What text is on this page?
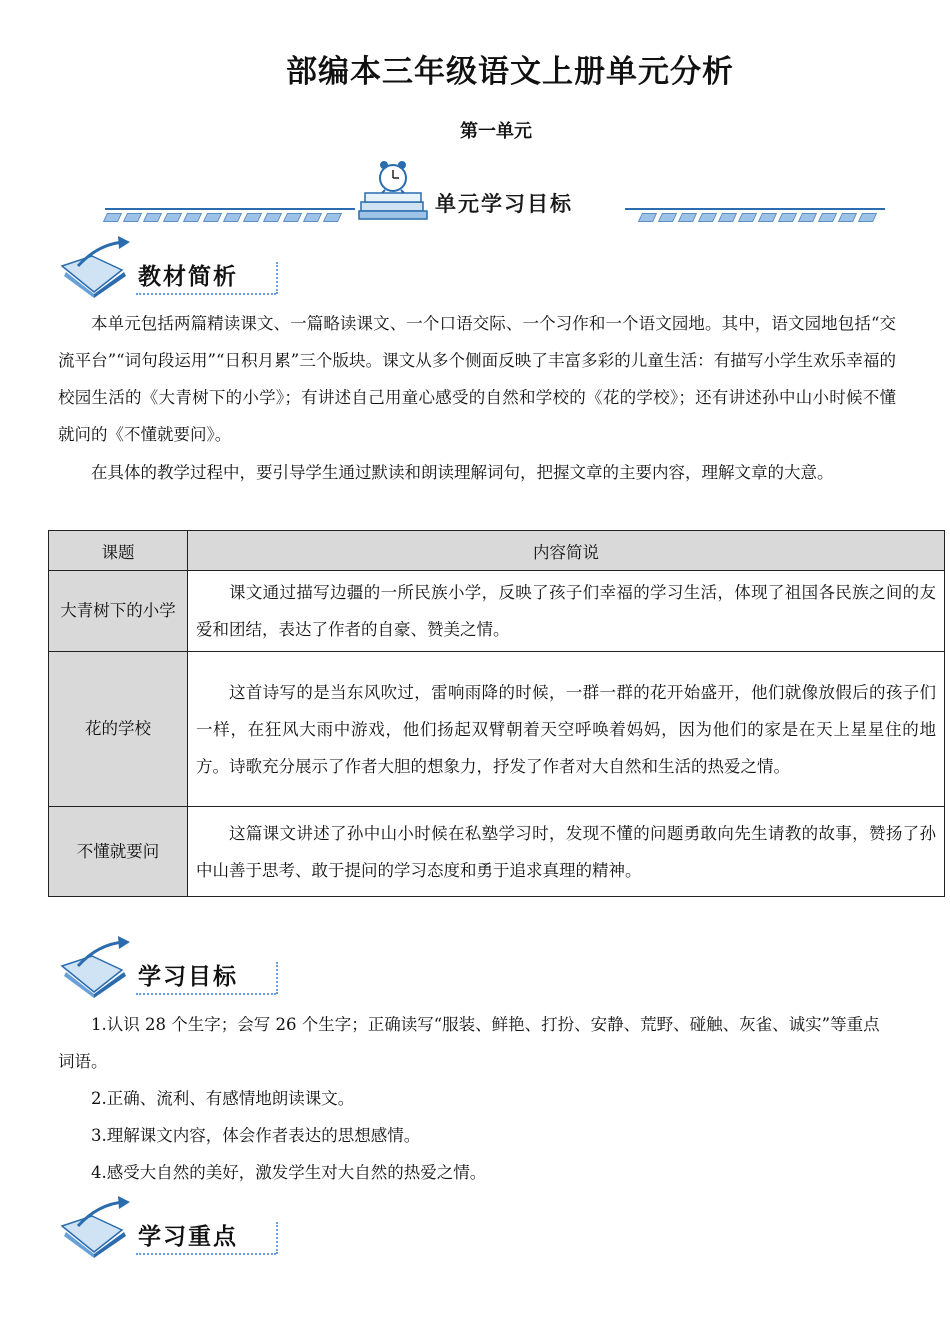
部编本三年级语文上册单元分析
第一单元
单元学习目标
教材简析
本单元包括两篇精读课文、一篇略读课文、一个口语交际、一个习作和一个语文园地。其中，语文园地包括“交流平台”“词句段运用”“日积月累”三个版块。课文从多个侧面反映了丰富多彩的儿童生活：有描写小学生欢乐幸福的校园生活的《大青树下的小学》；有讲述自己用童心感受的自然和学校的《花的学校》；还有讲述孙中山小时候不懂就问的《不懂就要问》。
在具体的教学过程中，要引导学生通过默读和朗读理解词句，把握文章的主要内容，理解文章的大意。
课题	内容简说
大青树下的小学	课文通过描写边疆的一所民族小学，反映了孩子们幸福的学习生活，体现了祖国各民族之间的友爱和团结，表达了作者的自豪、赞美之情。
花的学校	这首诗写的是当东风吹过，雷响雨降的时候，一群一群的花开始盛开，他们就像放假后的孩子们一样，在狂风大雨中游戏，他们扬起双臂朝着天空呼唤着妈妈，因为他们的家是在天上星星住的地方。诗歌充分展示了作者大胆的想象力，抒发了作者对大自然和生活的热爱之情。
不懂就要问	这篇课文讲述了孙中山小时候在私塾学习时，发现不懂的问题勇敢向先生请教的故事，赞扬了孙中山善于思考、敢于提问的学习态度和勇于追求真理的精神。
学习目标
1.认识 28 个生字；会写 26 个生字；正确读写“服装、鲜艳、打扮、安静、荒野、碰触、灰雀、诚实”等重点词语。
2.正确、流利、有感情地朗读课文。
3.理解课文内容，体会作者表达的思想感情。
4.感受大自然的美好，激发学生对大自然的热爱之情。
学习重点
